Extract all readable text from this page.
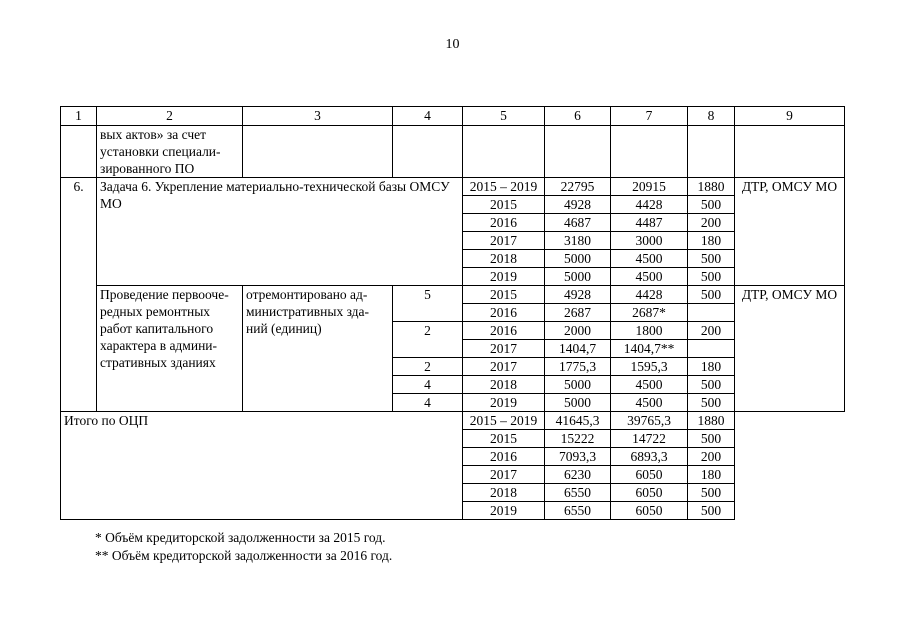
10
1	2	3	4	5	6	7	8	9
	вых актов» за счет установки специали-зированного ПО							
6.	Задача 6. Укрепление материально-технической базы ОМСУ МО			2015 – 2019	22795	20915	1880	ДТР, ОМСУ МО
				2015	4928	4428	500	
				2016	4687	4487	200	
				2017	3180	3000	180	
				2018	5000	4500	500	
				2019	5000	4500	500	
	Проведение первооче-редных ремонтных работ капитального характера в админи-стративных зданиях	отремонтировано ад-министративных зда-ний (единиц)	5	2015	4928	4428	500	ДТР, ОМСУ МО
				2016	2687	2687*		
			2	2016	2000	1800	200	
				2017	1404,7	1404,7**		
			2	2017	1775,3	1595,3	180	
			4	2018	5000	4500	500	
			4	2019	5000	4500	500	
Итого по ОЦП				2015 – 2019	41645,3	39765,3	1880	
				2015	15222	14722	500	
				2016	7093,3	6893,3	200	
				2017	6230	6050	180	
				2018	6550	6050	500	
				2019	6550	6050	500	
* Объём кредиторской задолженности за 2015 год.
** Объём кредиторской задолженности за 2016 год.
